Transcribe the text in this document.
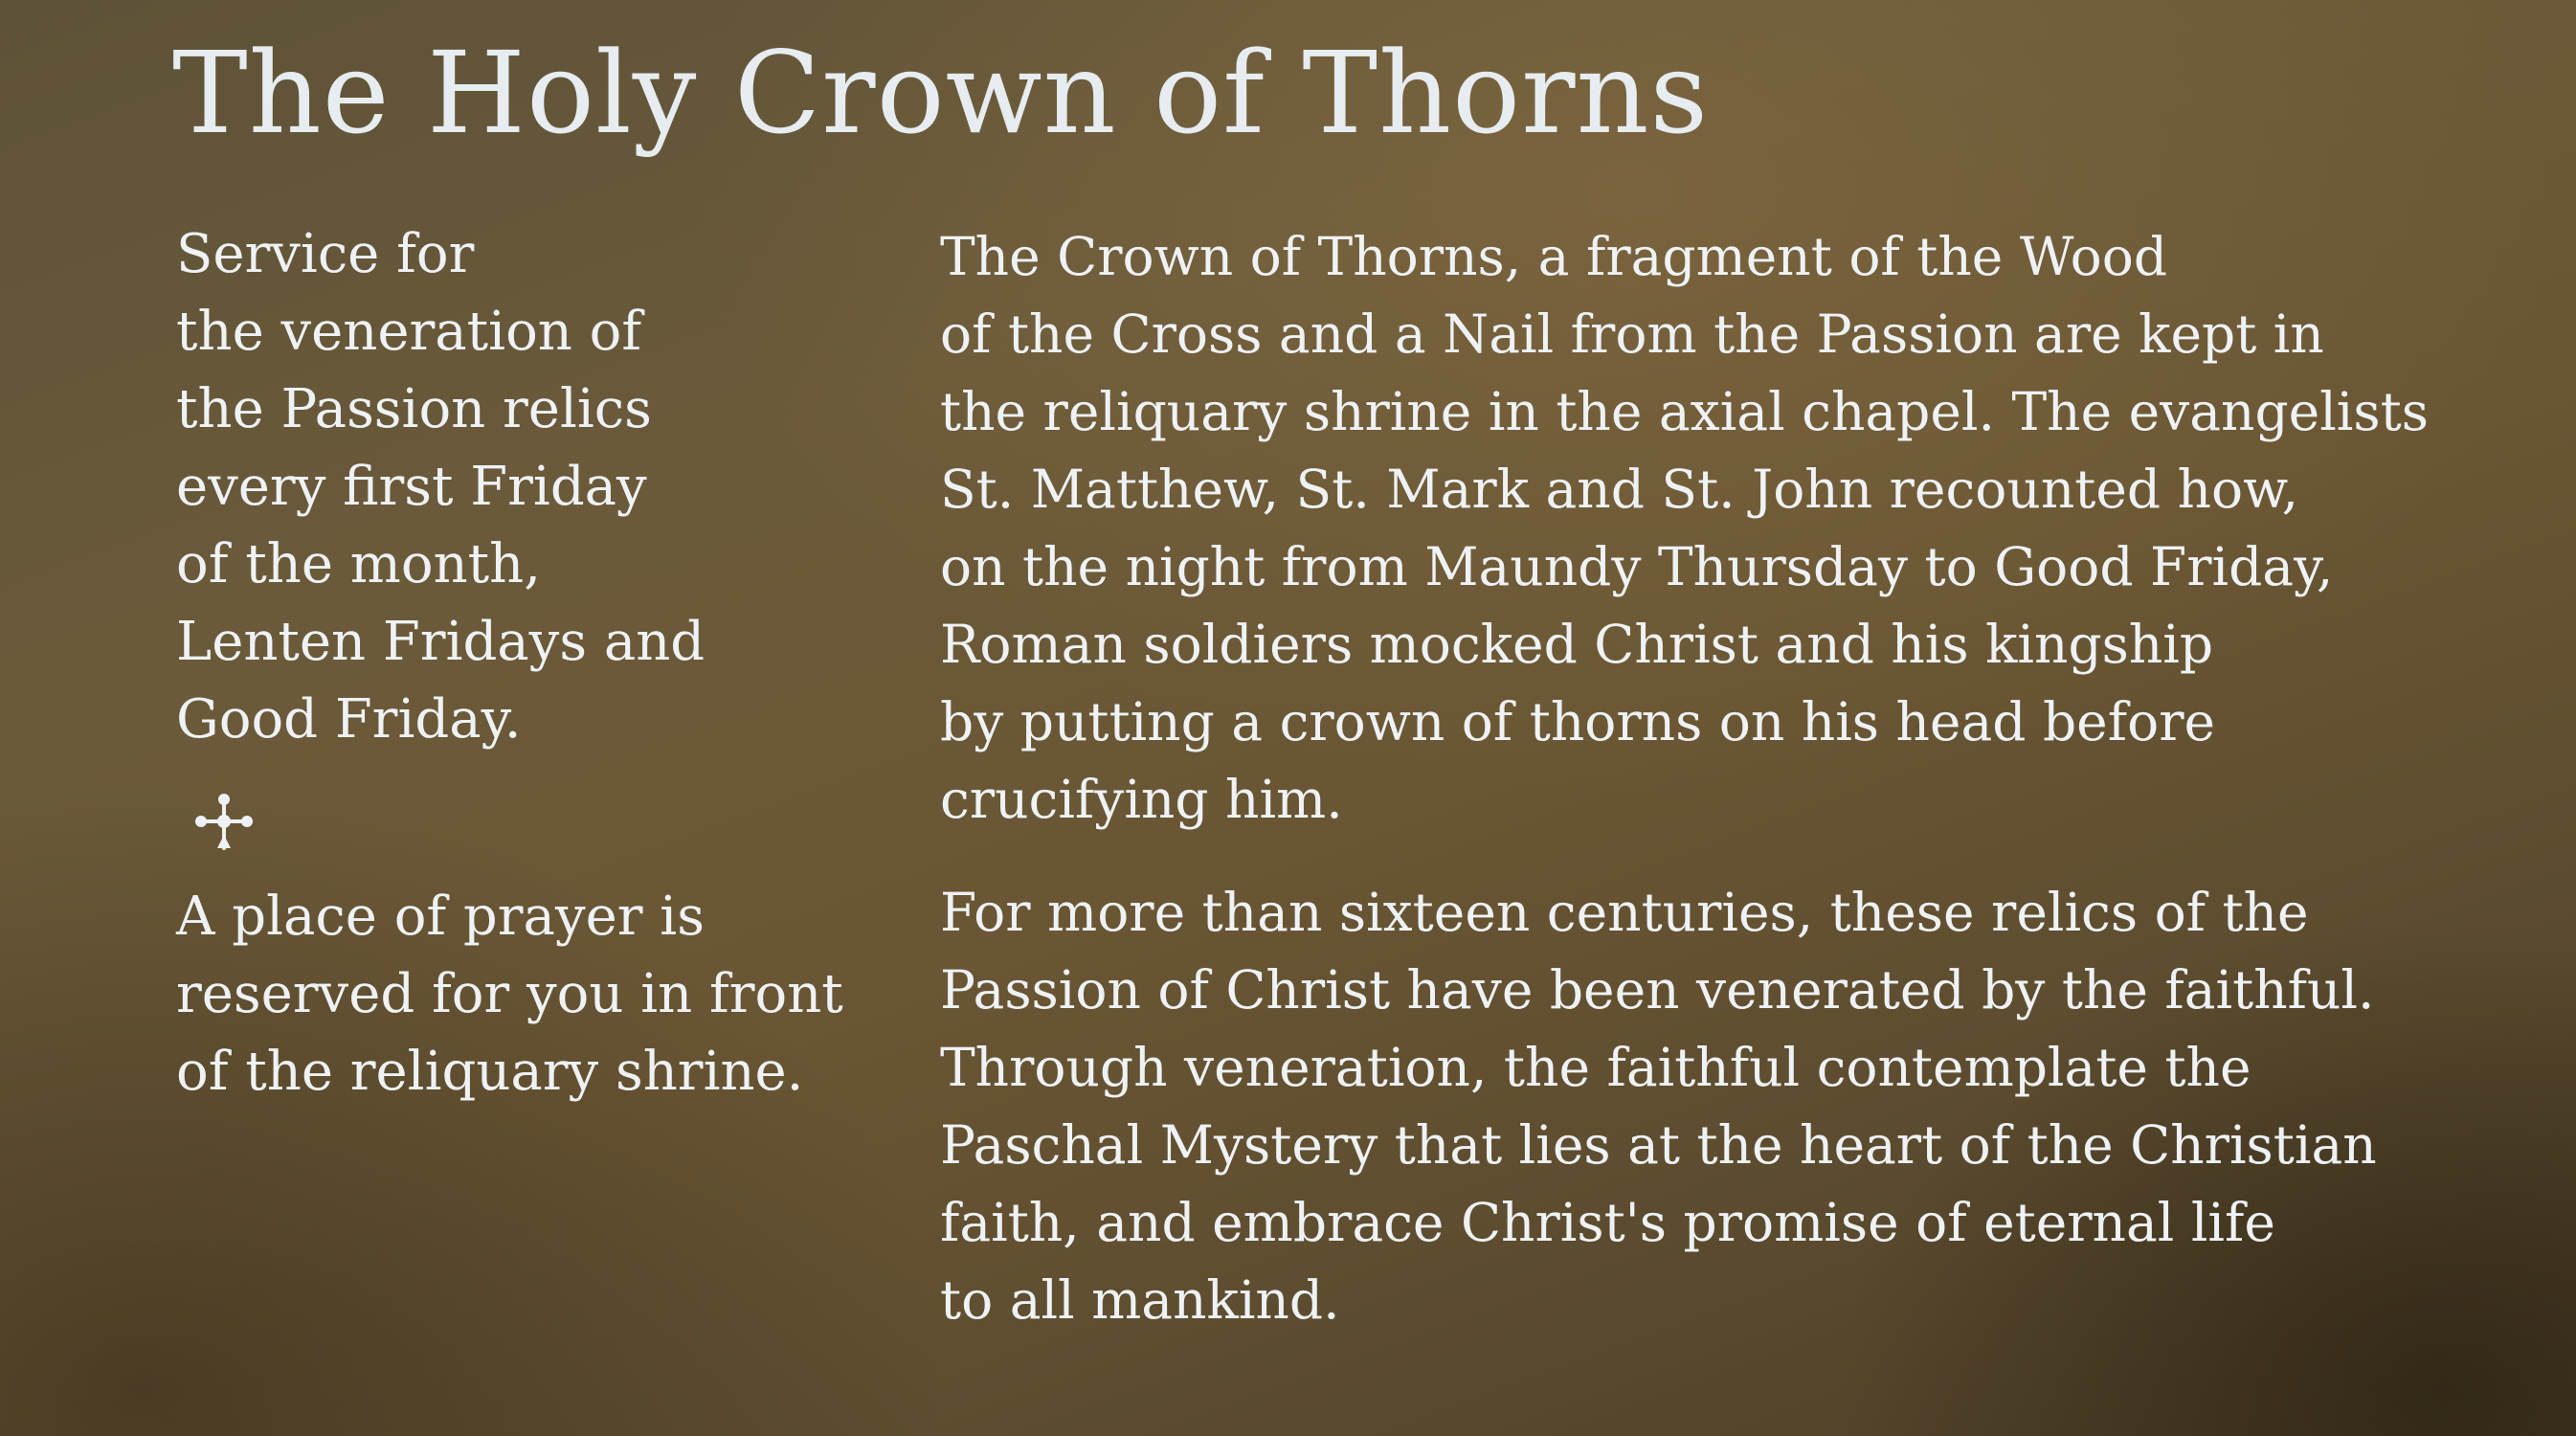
The Holy Crown of Thorns
Service for
the veneration of
the Passion relics
every first Friday
of the month,
Lenten Fridays and
Good Friday.
A place of prayer is
reserved for you in front
of the reliquary shrine.
The Crown of Thorns, a fragment of the Wood
of the Cross and a Nail from the Passion are kept in
the reliquary shrine in the axial chapel. The evangelists
St. Matthew, St. Mark and St. John recounted how,
on the night from Maundy Thursday to Good Friday,
Roman soldiers mocked Christ and his kingship
by putting a crown of thorns on his head before
crucifying him.
For more than sixteen centuries, these relics of the
Passion of Christ have been venerated by the faithful.
Through veneration, the faithful contemplate the
Paschal Mystery that lies at the heart of the Christian
faith, and embrace Christ's promise of eternal life
to all mankind.
